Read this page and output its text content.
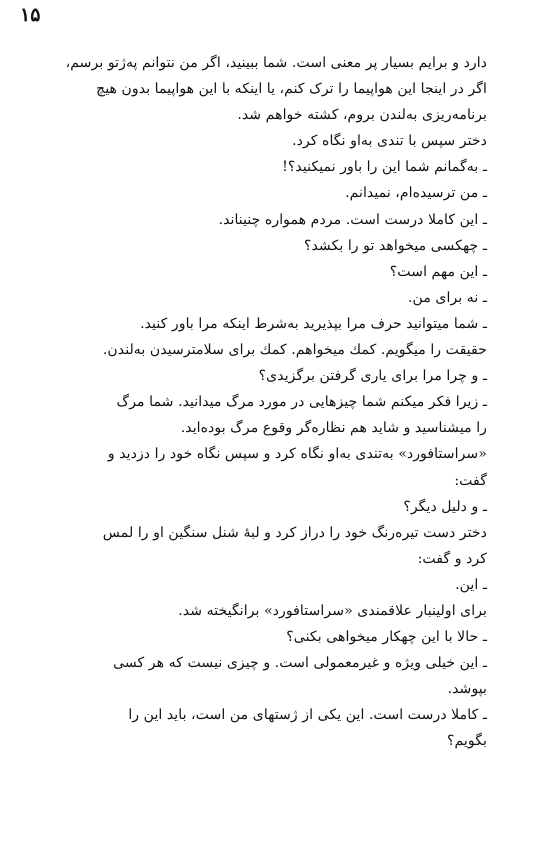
۱۵

دارد و برایم بسیار پر معنی است. شما ببینید، اگر من نتوانم پەژتو برسم،

اگر در اینجا این هواپیما را ترک کنم، یا اینکه با این هواپیما بدون هیچ

برنامەریزی بەلندن بروم، کشته خواهم شد.

دختر سپس با تندی بەاو نگاه کرد.

ـ بەگمانم شما این را باور نمیکنید؟!

ـ من ترسیدەام، نمیدانم.

ـ این کاملا درست است. مردم همواره چنیناند.

ـ چهکسی میخواهد تو را بکشد؟

ـ این مهم است؟

ـ نه برای من.

ـ شما میتوانید حرف مرا بپذیرید بەشرط اینکه مرا باور کنید.

حقیقت را میگویم. کمك میخواهم. کمك برای سلامترسیدن بەلندن.

ـ و چرا مرا برای یاری گرفتن برگزیدی؟

ـ زیرا فکر میکنم شما چیزهایی در مورد مرگ میدانید. شما مرگ

را میشناسید و شاید هم نظارەگر وقوع مرگ بودەاید.

«سراستافورد» بەتندی بەاو نگاه کرد و سپس نگاه خود را دزدید و

گفت:

ـ و دلیل دیگر؟

دختر دست تیرەرنگ خود را دراز کرد و لبهٔ شنل سنگین او را لمس

کرد و گفت:

ـ این.

برای اولینبار علاقمندی «سراستافورد» برانگیخته شد.

ـ حالا با این چهکار میخواهی بکنی؟

ـ این خیلی ویژه و غیرمعمولی است. و چیزی نیست که هر کسی

بپوشد.

ـ کاملا درست است. این یکی از ژستهای من است، باید این را

بگویم؟
